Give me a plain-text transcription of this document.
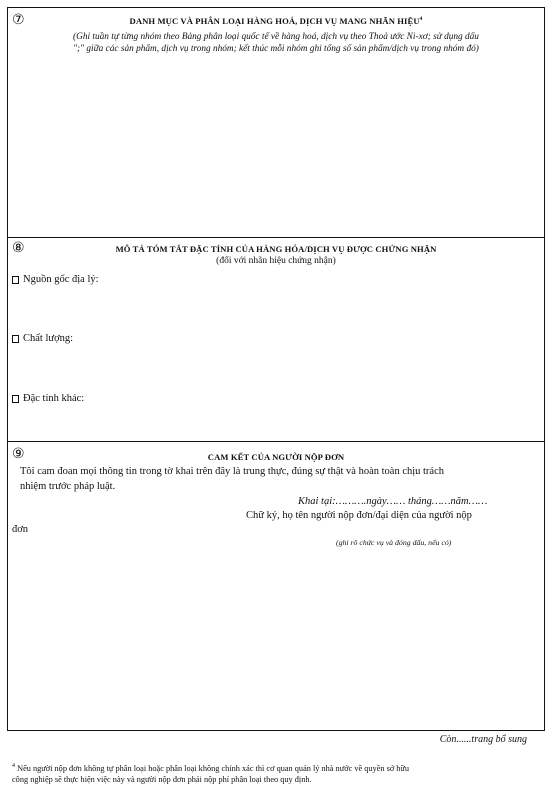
⑦	DANH MỤC VÀ PHÂN LOẠI HÀNG HOÁ, DỊCH VỤ MANG NHÃN HIỆU$^4$
(Ghi tuần tự từng nhóm theo Bảng phân loại quốc tế về hàng hoá, dịch vụ theo Thoả ước Ni-xơ; sử dụng dấu
";" giữa các sản phẩm, dịch vụ trong nhóm; kết thúc mỗi nhóm ghi tổng số sản phẩm/dịch vụ trong nhóm đó)
⑧	MÔ TẢ TÓM TẮT ĐẶC TÍNH CỦA HÀNG HÓA/DỊCH VỤ ĐƯỢC CHỨNG NHẬN
(đối với nhãn hiệu chứng nhận)
Nguồn gốc địa lý:
Chất lượng:
Đặc tính khác:
⑨	CAM KẾT CỦA NGƯỜI NỘP ĐƠN
Tôi cam đoan mọi thông tin trong tờ khai trên đây là trung thực, đúng sự thật và hoàn toàn chịu trách
nhiệm trước pháp luật.
Khai tại:……….ngày…… tháng……năm……
Chữ ký, họ tên người nộp đơn/đại diện của người nộp
đơn
(ghi rõ chức vụ và đóng dấu, nếu có)
Còn......trang bổ sung
$^4$ Nếu người nộp đơn không tự phân loại hoặc phân loại không chính xác thì cơ quan quản lý nhà nước về quyền sở hữu
công nghiệp sẽ thực hiện việc này và người nộp đơn phải nộp phí phân loại theo quy định.
